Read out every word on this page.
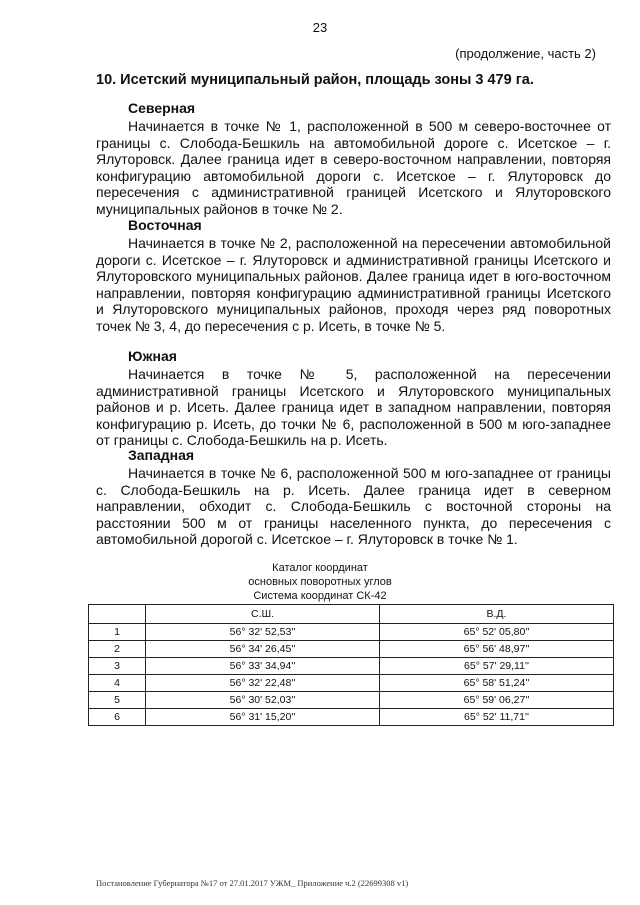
23
(продолжение, часть 2)
10. Исетский муниципальный район, площадь зоны 3 479 га.
Северная
Начинается в точке № 1, расположенной в 500 м северо-восточнее от границы с. Слобода-Бешкиль на автомобильной дороге с. Исетское – г. Ялуторовск. Далее граница идет в северо-восточном направлении, повторяя конфигурацию автомобильной дороги с. Исетское – г. Ялуторовск до пересечения с административной границей Исетского и Ялуторовского муниципальных районов в точке № 2.
Восточная
Начинается в точке № 2, расположенной на пересечении автомобильной дороги с. Исетское – г. Ялуторовск и административной границы Исетского и Ялуторовского муниципальных районов. Далее граница идет в юго-восточном направлении, повторяя конфигурацию административной границы Исетского и Ялуторовского муниципальных районов, проходя через ряд поворотных точек № 3, 4, до пересечения с р. Исеть, в точке № 5.
Южная
Начинается в точке № 5, расположенной на пересечении административной границы Исетского и Ялуторовского муниципальных районов и р. Исеть. Далее граница идет в западном направлении, повторяя конфигурацию р. Исеть, до точки № 6, расположенной в 500 м юго-западнее от границы с. Слобода-Бешкиль на р. Исеть.
Западная
Начинается в точке № 6, расположенной 500 м юго-западнее от границы с. Слобода-Бешкиль на р. Исеть. Далее граница идет в северном направлении, обходит с. Слобода-Бешкиль с восточной стороны на расстоянии 500 м от границы населенного пункта, до пересечения с автомобильной дорогой с. Исетское – г. Ялуторовск в точке № 1.
Каталог координат
основных поворотных углов
Система координат СК-42
	С.Ш.	В.Д.
1	56° 32' 52,53''	65° 52' 05,80''
2	56° 34' 26,45''	65° 56' 48,97''
3	56° 33' 34,94''	65° 57' 29,11''
4	56° 32' 22,48''	65° 58' 51,24''
5	56° 30' 52,03''	65° 59' 06,27''
6	56° 31' 15,20''	65° 52' 11,71''
Постановление Губернатора №17 от 27.01.2017 УЖМ_ Приложение ч.2 (22699308 v1)
